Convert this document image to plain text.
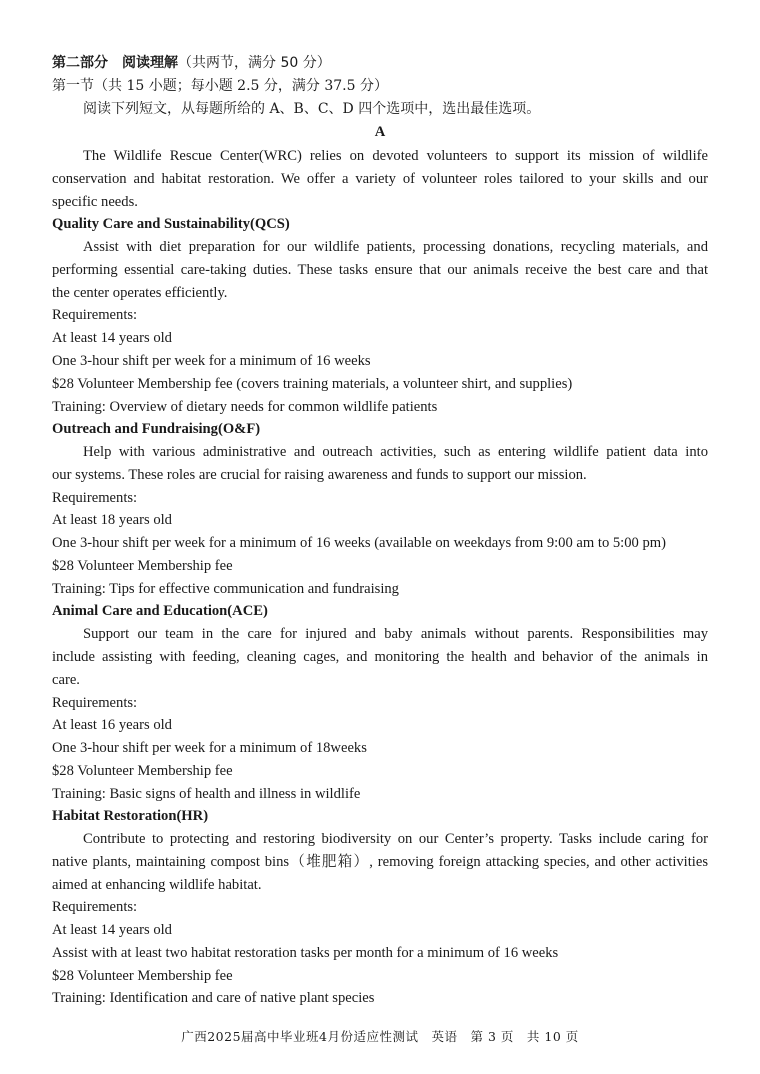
第二部分　阅读理解（共两节，满分 50 分）
第一节（共 15 小题；每小题 2.5 分，满分 37.5 分）
阅读下列短文，从每题所给的 A、B、C、D 四个选项中，选出最佳选项。
A
The Wildlife Rescue Center(WRC) relies on devoted volunteers to support its mission of wildlife
conservation and habitat restoration. We offer a variety of volunteer roles tailored to your skills and our
specific needs.
Quality Care and Sustainability(QCS)
Assist with diet preparation for our wildlife patients, processing donations, recycling materials, and
performing essential care-taking duties. These tasks ensure that our animals receive the best care and that
the center operates efficiently.
Requirements:
At least 14 years old
One 3-hour shift per week for a minimum of 16 weeks
$28 Volunteer Membership fee (covers training materials, a volunteer shirt, and supplies)
Training: Overview of dietary needs for common wildlife patients
Outreach and Fundraising(O&F)
Help with various administrative and outreach activities, such as entering wildlife patient data into
our systems. These roles are crucial for raising awareness and funds to support our mission.
Requirements:
At least 18 years old
One 3-hour shift per week for a minimum of 16 weeks (available on weekdays from 9:00 am to 5:00 pm)
$28 Volunteer Membership fee
Training: Tips for effective communication and fundraising
Animal Care and Education(ACE)
Support our team in the care for injured and baby animals without parents. Responsibilities may
include assisting with feeding, cleaning cages, and monitoring the health and behavior of the animals in
care.
Requirements:
At least 16 years old
One 3-hour shift per week for a minimum of 18weeks
$28 Volunteer Membership fee
Training: Basic signs of health and illness in wildlife
Habitat Restoration(HR)
Contribute to protecting and restoring biodiversity on our Center’s property. Tasks include caring for
native plants, maintaining compost bins（堆肥箱）, removing foreign attacking species, and other activities
aimed at enhancing wildlife habitat.
Requirements:
At least 14 years old
Assist with at least two habitat restoration tasks per month for a minimum of 16 weeks
$28 Volunteer Membership fee
Training: Identification and care of native plant species
广西2025届高中毕业班4月份适应性测试　英语　第 3 页　共 10 页
